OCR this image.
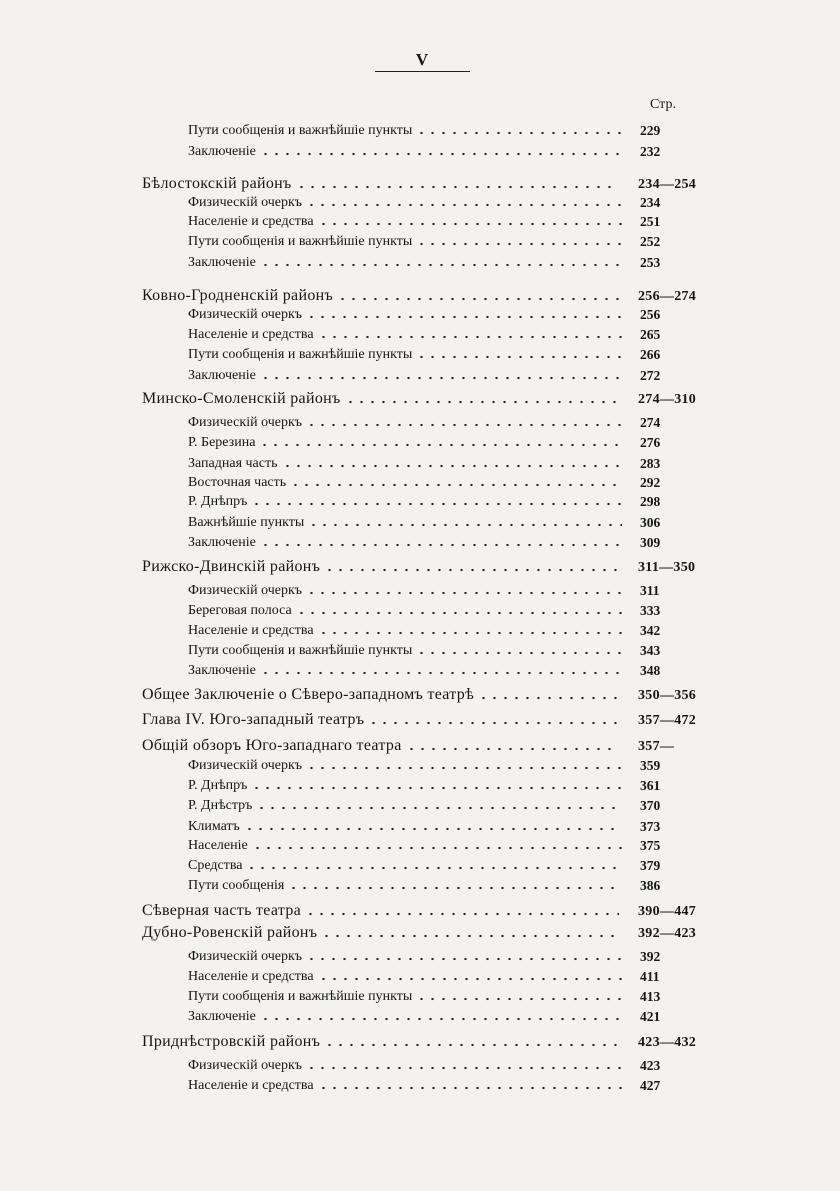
V
Стр.
Пути сообщенія и важнѣйшіе пункты	229
Заключеніе	232
Бѣлостокскій районъ	234—254
Физическій очеркъ	234
Населеніе и средства	251
Пути сообщенія и важнѣйшіе пункты	252
Заключеніе	253
Ковно-Гродненскій районъ	256—274
Физическій очеркъ	256
Населеніе и средства	265
Пути сообщенія и важнѣйшіе пункты	266
Заключеніе	272
Минско-Смоленскій районъ	274—310
Физическій очеркъ	274
Р. Березина	276
Западная часть	283
Восточная часть	292
Р. Днѣпръ	298
Важнѣйшіе пункты	306
Заключеніе	309
Рижско-Двинскій районъ	311—350
Физическій очеркъ	311
Береговая полоса	333
Населеніе и средства	342
Пути сообщенія и важнѣйшіе пункты	343
Заключеніе	348
Общее Заключеніе о Сѣверо-западномъ театрѣ	350—356
Глава IV. Юго-западный театръ	357—472
Общій обзоръ Юго-западнаго театра	357—
Физическій очеркъ	359
Р. Днѣпръ	361
Р. Днѣстръ	370
Климатъ	373
Населеніе	375
Средства	379
Пути сообщенія	386
Сѣверная часть театра	390—447
Дубно-Ровенскій районъ	392—423
Физическій очеркъ	392
Населеніе и средства	411
Пути сообщенія и важнѣйшіе пункты	413
Заключеніе	421
Приднѣстровскій районъ	423—432
Физическій очеркъ	423
Населеніе и средства	427
